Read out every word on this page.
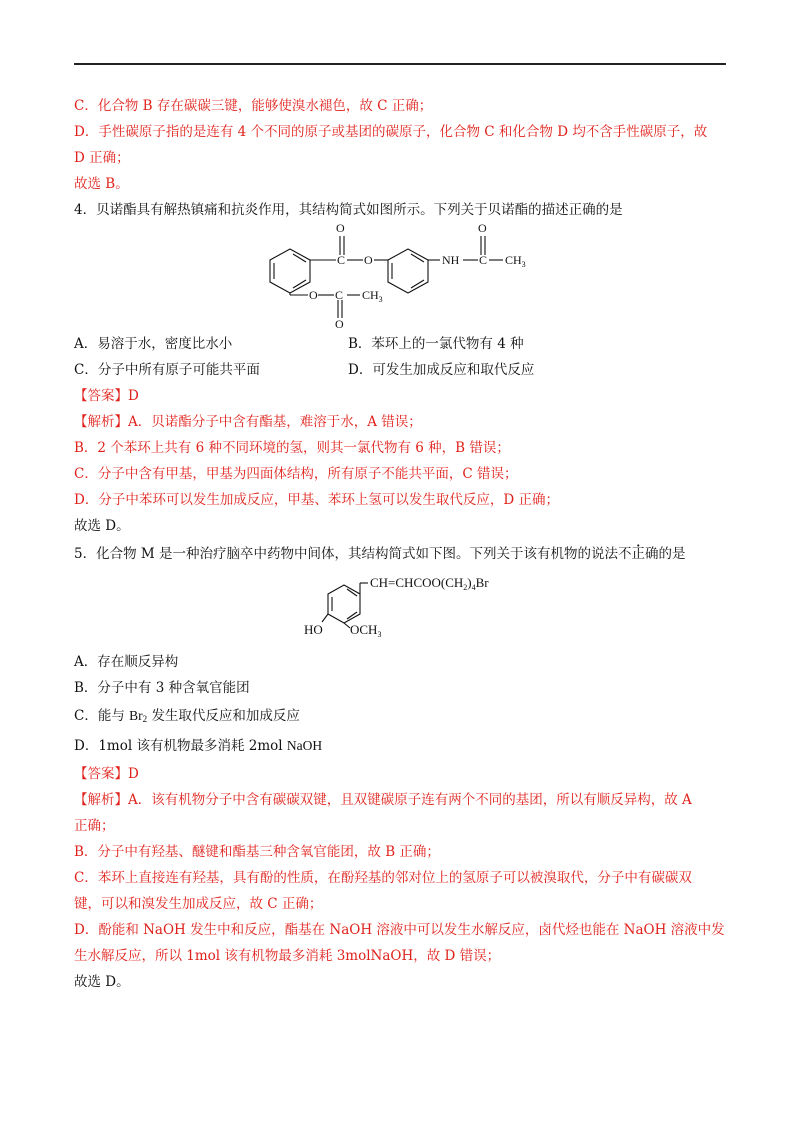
C．化合物 B 存在碳碳三键，能够使溴水褪色，故 C 正确；
D．手性碳原子指的是连有 4 个不同的原子或基团的碳原子，化合物 C 和化合物 D 均不含手性碳原子，故
D 正确；
故选 B。
4．贝诺酯具有解热镇痛和抗炎作用，其结构简式如图所示。下列关于贝诺酯的描述正确的是
O
C O	NH
O
C $CH_3$
O C $CH_3$
O
A．易溶于水，密度比水小	B．苯环上的一氯代物有 4 种
C．分子中所有原子可能共平面	D．可发生加成反应和取代反应
【答案】D
【解析】A．贝诺酯分子中含有酯基，难溶于水，A 错误；
B．2 个苯环上共有 6 种不同环境的氢，则其一氯代物有 6 种，B 错误；
C．分子中含有甲基，甲基为四面体结构，所有原子不能共平面，C 错误；
D．分子中苯环可以发生加成反应，甲基、苯环上氢可以发生取代反应，D 正确；
故选 D。
5．化合物 M 是一种治疗脑卒中药物中间体，其结构简式如下图。下列关于该有机物的说法不正确的是
$CH=CHCOO(CH_2)_4Br$
HO $OCH_3$
A．存在顺反异构
B．分子中有 3 种含氧官能团
C．能与 $Br_2$ 发生取代反应和加成反应
D．1mol 该有机物最多消耗 2mol NaOH
【答案】D
【解析】A．该有机物分子中含有碳碳双键，且双键碳原子连有两个不同的基团，所以有顺反异构，故 A
正确；
B．分子中有羟基、醚键和酯基三种含氧官能团，故 B 正确；
C．苯环上直接连有羟基，具有酚的性质，在酚羟基的邻对位上的氢原子可以被溴取代，分子中有碳碳双
键，可以和溴发生加成反应，故 C 正确；
D．酚能和 NaOH 发生中和反应，酯基在 NaOH 溶液中可以发生水解反应，卤代烃也能在 NaOH 溶液中发
生水解反应，所以 1mol 该有机物最多消耗 3molNaOH，故 D 错误；
故选 D。
